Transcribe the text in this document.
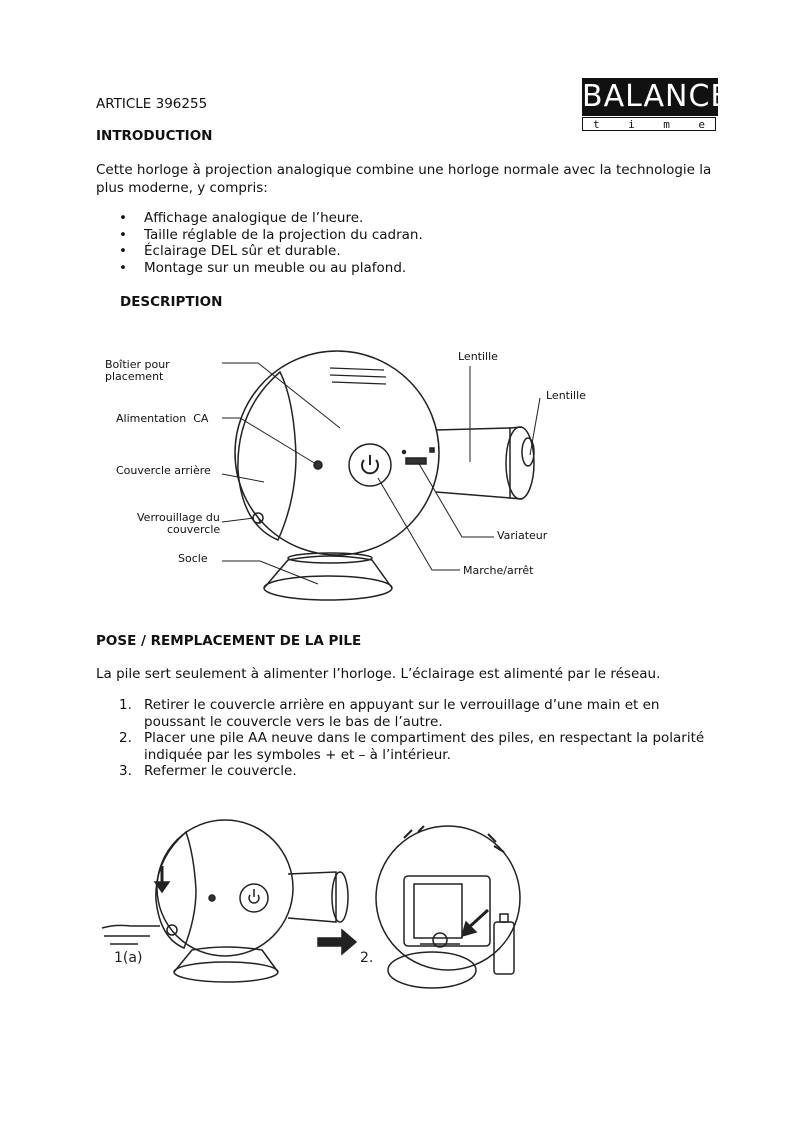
ARTICLE 396255	BALANCE
t	i	m	e
INTRODUCTION
Cette horloge à projection analogique combine une horloge normale avec la technologie la plus moderne, y compris:
• Affichage analogique de l’heure.
• Taille réglable de la projection du cadran.
• Éclairage DEL sûr et durable.
• Montage sur un meuble ou au plafond.
DESCRIPTION
Boîtier pour placement
Lentille
Lentille
Alimentation  CA
Couvercle arrière
Verrouillage du
couvercle
Socle
Variateur
Marche/arrêt
POSE / REMPLACEMENT DE LA PILE
La pile sert seulement à alimenter l’horloge. L’éclairage est alimenté par le réseau.
1. Retirer le couvercle arrière en appuyant sur le verrouillage d’une main et en poussant le couvercle vers le bas de l’autre.
2. Placer une pile AA neuve dans le compartiment des piles, en respectant la polarité indiquée par les symboles + et – à l’intérieur.
3. Refermer le couvercle.
1(a)	2.
